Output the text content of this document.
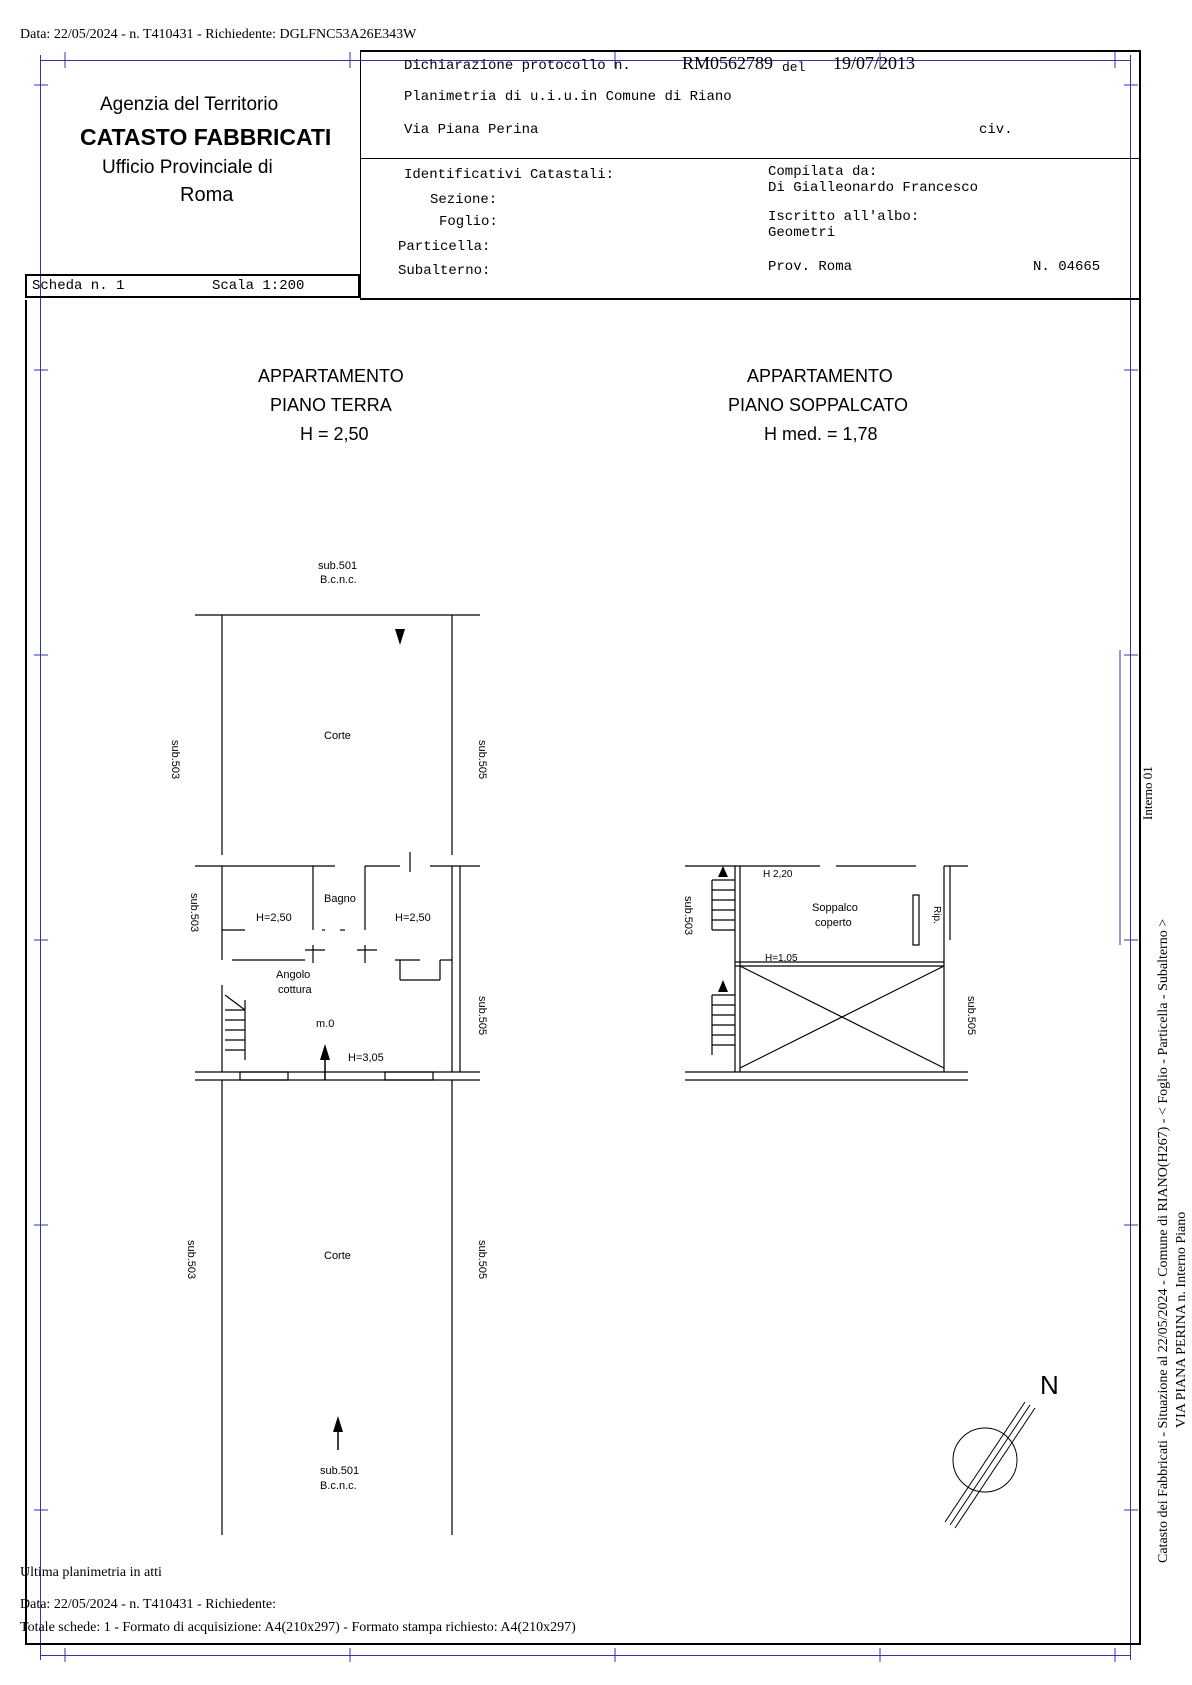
Data: 22/05/2024 - n. T410431 - Richiedente: DGLFNC53A26E343W
Agenzia del Territorio
CATASTO FABBRICATI
Ufficio Provinciale di
Roma
Dichiarazione protocollo n.	RM0562789 del 19/07/2013
Planimetria di u.i.u.in Comune di Riano
Via Piana Perina	civ.
Identificativi Catastali:
Sezione:
Foglio:
Particella:
Subalterno:
Compilata da:
Di Gialleonardo Francesco
Iscritto all'albo:
Geometri
Prov. Roma	N. 04665
Scheda n. 1	Scala 1:200
APPARTAMENTO
PIANO TERRA
H = 2,50
APPARTAMENTO
PIANO SOPPALCATO
H med. = 1,78
sub.501
B.c.n.c.
Corte
sub.503	sub.505
sub.503	Bagno
H=2,50	H=2,50
Angolo
cottura
m.0
H=3,05
sub.505
Corte
sub.503	sub.505
sub.501
B.c.n.c.
H 2,20
Soppalco
coperto	Rip.
H=1,05
sub.503
sub.505
N	Catasto dei Fabbricati - Situazione al 22/05/2024 - Comune di RIANO(H267) - < Foglio - Particella - Subalterno > VIA PIANA PERINA n. Interno Piano
Interno 01
Ultima planimetria in atti
Data: 22/05/2024 - n. T410431 - Richiedente:
Totale schede: 1 - Formato di acquisizione: A4(210x297) - Formato stampa richiesto: A4(210x297)
